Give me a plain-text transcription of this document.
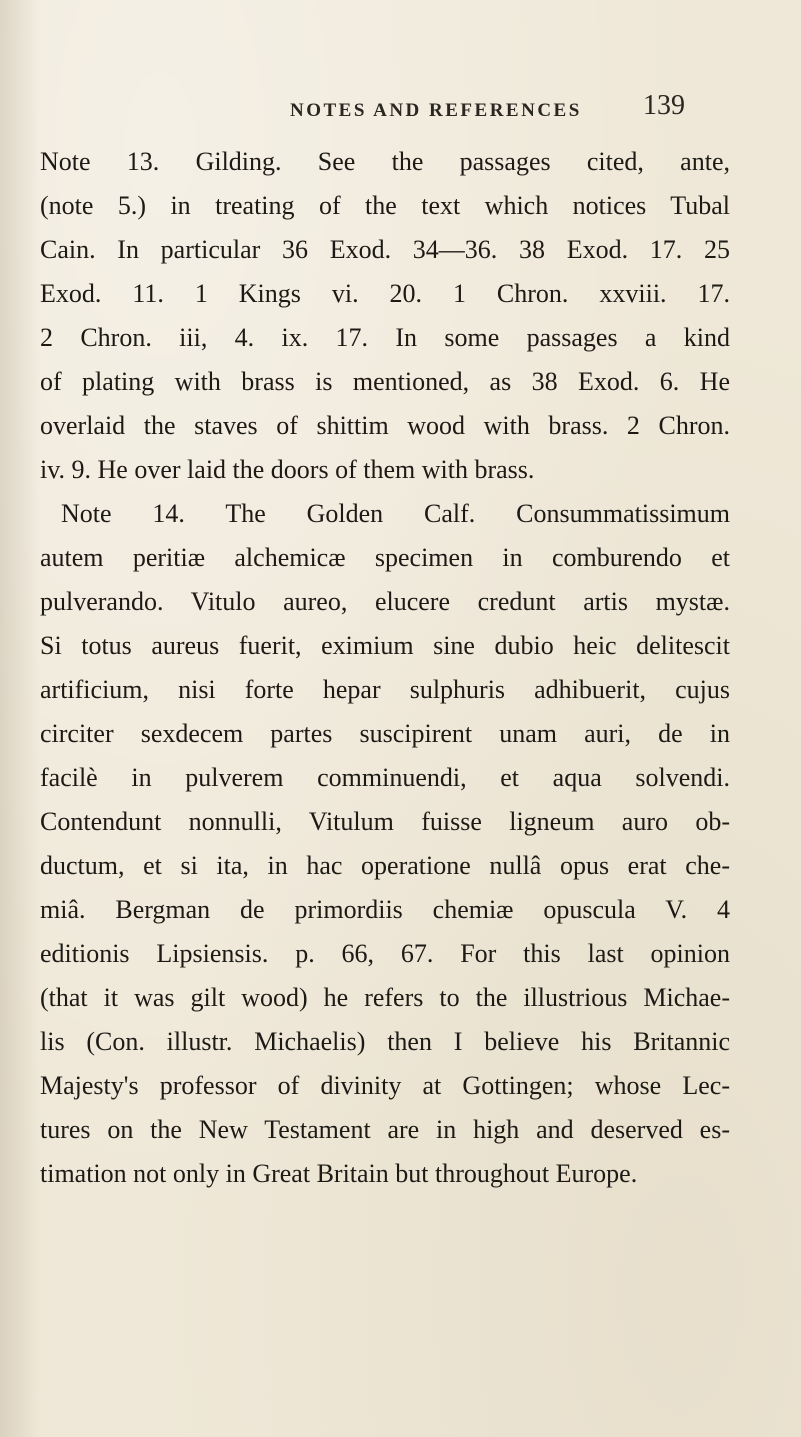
NOTES AND REFERENCES 139
Note 13. Gilding. See the passages cited, ante,
(note 5.) in treating of the text which notices Tubal
Cain. In particular 36 Exod. 34—36. 38 Exod. 17. 25
Exod. 11. 1 Kings vi. 20. 1 Chron. xxviii. 17.
2 Chron. iii, 4. ix. 17. In some passages a kind
of plating with brass is mentioned, as 38 Exod. 6. He
overlaid the staves of shittim wood with brass. 2 Chron.
iv. 9. He over laid the doors of them with brass.
Note 14. The Golden Calf. Consummatissimum
autem peritiæ alchemicæ specimen in comburendo et
pulverando. Vitulo aureo, elucere credunt artis mystæ.
Si totus aureus fuerit, eximium sine dubio heic delitescit
artificium, nisi forte hepar sulphuris adhibuerit, cujus
circiter sexdecem partes suscipirent unam auri, de in
facilè in pulverem comminuendi, et aqua solvendi.
Contendunt nonnulli, Vitulum fuisse ligneum auro ob-
ductum, et si ita, in hac operatione nullâ opus erat che-
miâ. Bergman de primordiis chemiæ opuscula V. 4
editionis Lipsiensis. p. 66, 67. For this last opinion
(that it was gilt wood) he refers to the illustrious Michae-
lis (Con. illustr. Michaelis) then I believe his Britannic
Majesty's professor of divinity at Gottingen; whose Lec-
tures on the New Testament are in high and deserved es-
timation not only in Great Britain but throughout Europe.
